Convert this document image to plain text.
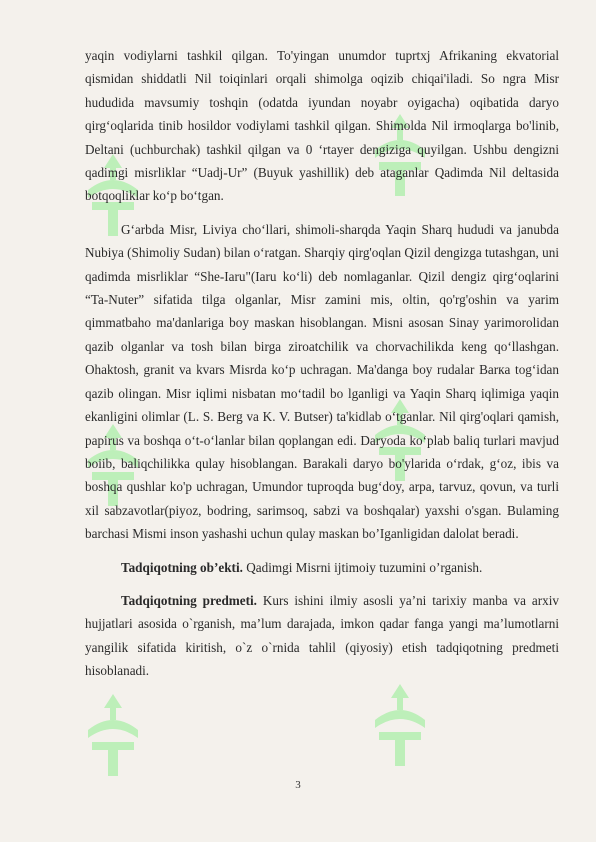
yaqin vodiylarni tashkil qilgan. To'yingan unumdor tuprtxj Afrikaning ekvatorial qismidan shiddatli Nil toiqinlari orqali shimolga oqizib chiqai'iladi. So ngra Misr hududida mavsumiy toshqin (odatda iyundan noyabr oyigacha) oqibatida daryo qirg‘oqlarida tinib hosildor vodiylami tashkil qilgan. Shimolda Nil irmoqlarga bo'linib, Deltani (uchburchak) tashkil qilgan va 0 ‘rtayer dengiziga quyilgan. Ushbu dengizni qadimgi misrliklar “Uadj-Ur” (Buyuk yashillik) deb ataganlar Qadimda Nil deltasida botqoqliklar ko‘p bo‘tgan.

G‘arbda Misr, Liviya cho‘llari, shimoli-sharqda Yaqin Sharq hududi va janubda Nubiya (Shimoliy Sudan) bilan o‘ratgan. Sharqiy qirg'oqlan Qizil dengizga tutashgan, uni qadimda misrliklar “She-Iaru"(Iaru ko‘li) deb nomlaganlar. Qizil dengiz qirg‘oqlarini “Ta-Nuter” sifatida tilga olganlar, Misr zamini mis, oltin, qo'rg'oshin va yarim qimmatbaho ma'danlariga boy maskan hisoblangan. Misni asosan Sinay yarimorolidan qazib olganlar va tosh bilan birga ziroatchilik va chorvachilikda keng qo‘llashgan. Ohaktosh, granit va kvars Misrda ko‘p uchragan. Ma'danga boy rudalar Barкa tog‘idan qazib olingan. Misr iqlimi nisbatan mo‘tadil bo lganligi va Yaqin Sharq iqlimiga yaqin ekanligini olimlar (L. S. Berg va K. V. Butser) ta'kidlab o‘tganlar. Nil qirg'oqlari qamish, papirus va boshqa o‘t-o‘lanlar bilan qoplangan edi. Daryoda ko‘plab baliq turlari mavjud boiib, baliqchilikka qulay hisoblangan. Barakali daryo bo'ylarida o‘rdak, g‘oz, ibis va boshqa qushlar ko'p uchragan, Umundor tuproqda bug‘doy, arpa, tarvuz, qovun, va turli xil sabzavotlar(piyoz, bodring, sarimsoq, sabzi va boshqalar) yaxshi o'sgan. Bulaming barchasi Mismi inson yashashi uchun qulay maskan bo’Iganligidan dalolat beradi.

Tadqiqotning ob’ekti. Qadimgi Misrni ijtimoiy tuzumini o’rganish.

Tadqiqotning predmeti. Kurs ishini ilmiy asosli ya’ni tarixiy manba va arxiv hujjatlari asosida o`rganish, ma’lum darajada, imkon qadar fanga yangi ma’lumotlarni yangilik sifatida kiritish, o`z o`rnida tahlil (qiyosiy) etish tadqiqotning predmeti hisoblanadi.

3
